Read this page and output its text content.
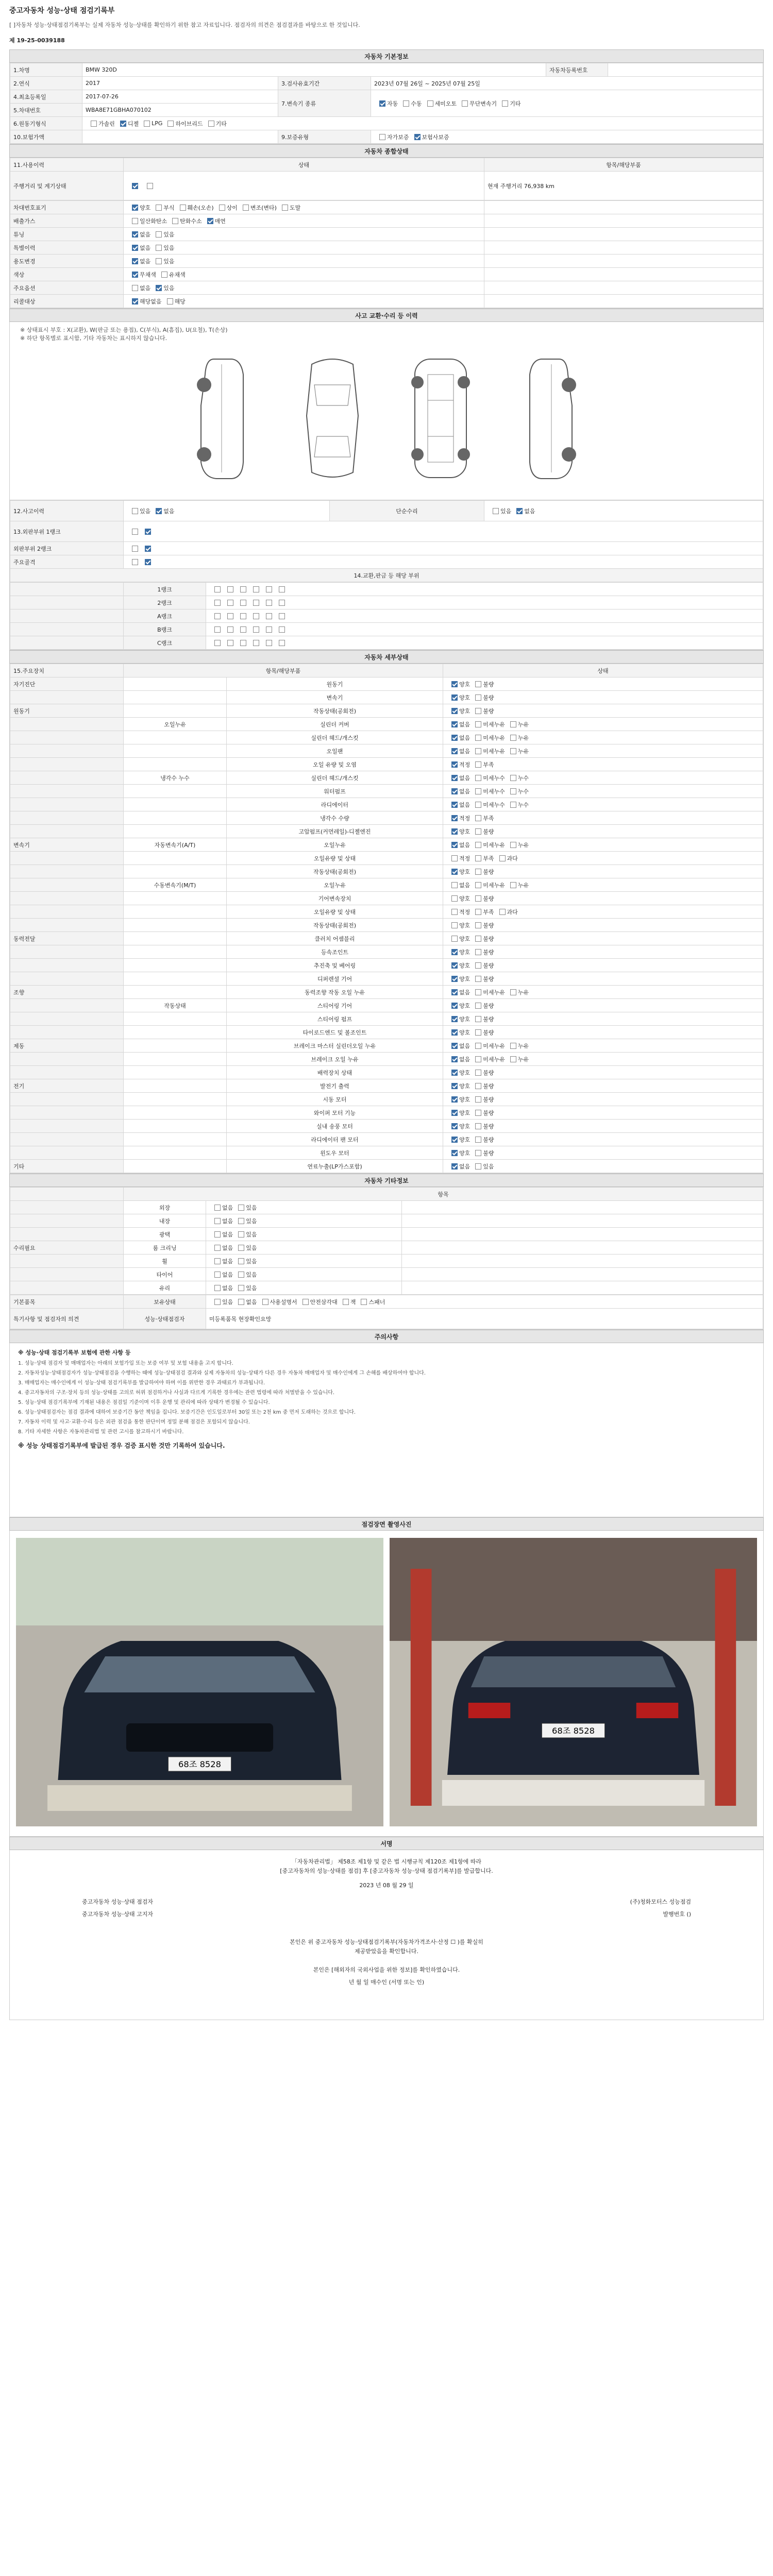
중고자동차 성능·상태 점검기록부
[ ]자동차 성능·상태점검기록부는 실제 자동차 성능·상태를 확인하기 위한 참고 자료입니다. 점검자의 의견은 점검결과를 바탕으로 한 것입니다.
제 19-25-0039188
자동차 기본정보
1.차명	BMW 320D			자동차등록번호	
2.연식	2017	3.검사유효기간	2023년 07월 26일 ~ 2025년 07월 25일		
4.최초등록일	2017-07-26	7.변속기 종류	자동 수동 세미오토 무단변속기 기타		
5.차대번호	WBA8E71GBHA070102				
6.원동기형식	가솔린 디젤 LPG 하이브리드 기타				
10.보험가액		9.보증유형	자가보증 보험사보증		
자동차 종합상태
11.사용이력	상태	항목/해당부품
주행거리 및 계기상태		현재 주행거리 76,938 km
차대번호표기	양호 부식 훼손(오손) 상이 변조(변타) 도말	
배출가스	일산화탄소 탄화수소 매연	
튜닝	없음 있음	
특별이력	없음 있음	
용도변경	없음 있음	
색상	무채색 유채색	
주요옵션	없음 있음	
리콜대상	해당없음 해당	
사고 교환·수리 등 이력
※ 상태표시 부호 : X(교환), W(판금 또는 용접), C(부식), A(흠집), U(요철), T(손상)
※ 하단 항목별로 표시함, 기타 자동차는 표시하지 않습니다.
12.사고이력	있음 없음	단순수리	있음 없음
13.외판부위 1랭크			
외판부위 2랭크			
주요골격			
14.교환,판금 등 해당 부위			
	1랭크	
	2랭크	
	A랭크	
	B랭크	
	C랭크	
자동차 세부상태
15.주요장치	항목/해당부품		상태
자기진단		원동기	양호 불량
		변속기	양호 불량
원동기		작동상태(공회전)	양호 불량
	오일누유	실린더 커버	없음 미세누유 누유
		실린더 헤드/개스킷	없음 미세누유 누유
		오일팬	없음 미세누유 누유
		오일 유량 및 오염	적정 부족
	냉각수 누수	실린더 헤드/개스킷	없음 미세누수 누수
		워터펌프	없음 미세누수 누수
		라디에이터	없음 미세누수 누수
		냉각수 수량	적정 부족
		고압펌프(커먼레일)-디젤엔진	양호 불량
변속기	자동변속기(A/T)	오일누유	없음 미세누유 누유
		오일유량 및 상태	적정 부족 과다
		작동상태(공회전)	양호 불량
	수동변속기(M/T)	오일누유	없음 미세누유 누유
		기어변속장치	양호 불량
		오일유량 및 상태	적정 부족 과다
		작동상태(공회전)	양호 불량
동력전달		클러치 어셈블리	양호 불량
		등속조인트	양호 불량
		추진축 및 베어링	양호 불량
		디퍼렌셜 기어	양호 불량
조향		동력조향 작동 오일 누유	없음 미세누유 누유
	작동상태	스티어링 기어	양호 불량
		스티어링 펌프	양호 불량
		타이로드엔드 및 볼조인트	양호 불량
제동		브레이크 마스터 실린더오일 누유	없음 미세누유 누유
		브레이크 오일 누유	없음 미세누유 누유
		배력장치 상태	양호 불량
전기		발전기 출력	양호 불량
		시동 모터	양호 불량
		와이퍼 모터 기능	양호 불량
		실내 송풍 모터	양호 불량
		라디에이터 팬 모터	양호 불량
		윈도우 모터	양호 불량
기타		연료누출(LP가스포함)	없음 있음
자동차 기타정보
	항목		
	외장	없음 있음	
	내장	없음 있음	
	광택	없음 있음	
수리필요	룸 크리닝	없음 있음	
	휠	없음 있음	
	타이어	없음 있음	
	유리	없음 있음	
기본품목	보유상태	있음 없음 사용설명서 안전삼각대 잭 스패너
특기사항 및 점검자의 의견	성능·상태점검자	미등록품목 현장확인요망
주의사항
※ 성능·상태 점검기록부 보험에 관한 사항 등

1. 성능·상태 점검자 및 매매업자는 아래의 보험가입 또는 보증 여부 및 보험 내용을 고지 합니다.

2. 자동차성능·상태점검자가 성능·상태점검을 수행하는 때에 성능·상태점검 결과와 실제 자동차의 성능·상태가 다른 경우 자동차 매매업자 및 매수인에게 그 손해를 배상하여야 합니다.

3. 매매업자는 매수인에게 이 성능·상태 점검기록부를 발급하여야 하며 이를 위반한 경우 과태료가 부과됩니다.

4. 중고자동차의 구조·장치 등의 성능·상태를 고의로 허위 점검하거나 사실과 다르게 기록한 경우에는 관련 법령에 따라 처벌받을 수 있습니다.

5. 성능·상태 점검기록부에 기재된 내용은 점검일 기준이며 이후 운행 및 관리에 따라 상태가 변경될 수 있습니다.

6. 성능·상태점검자는 점검 결과에 대하여 보증기간 동안 책임을 집니다. 보증기간은 인도일로부터 30일 또는 2천 km 중 먼저 도래하는 것으로 합니다.

7. 자동차 이력 및 사고·교환·수리 등은 외관 점검을 통한 판단이며 정밀 분해 점검은 포함되지 않습니다.

8. 기타 자세한 사항은 자동차관리법 및 관련 고시를 참고하시기 바랍니다.

※ 성능 상태점검기록부에 발급된 경우 검증 표시한 것만 기록하여 있습니다.
점검장면 촬영사진
68조 8528
68조 8528
서명
「자동차관리법」 제58조 제1항 및 같은 법 시행규칙 제120조 제1항에 따라
[중고자동차의 성능·상태를 점검] 후 [중고자동차 성능·상태 점검기록부]를 발급합니다.
2023 년 08 월 29 일
중고자동차 성능·상태 점검자	(주)청화모터스 성능점검
중고자동차 성능·상태 고지자	발행번호 ()
본인은 위 중고자동차 성능·상태점검기록부(자동차가격조사·산정 ☐ )를 확실히
제공받았음을 확인합니다.
본인은 [해외자의 국외사업을 위한 정보]를 확인하였습니다.
년 월 일 매수인 (서명 또는 인)
